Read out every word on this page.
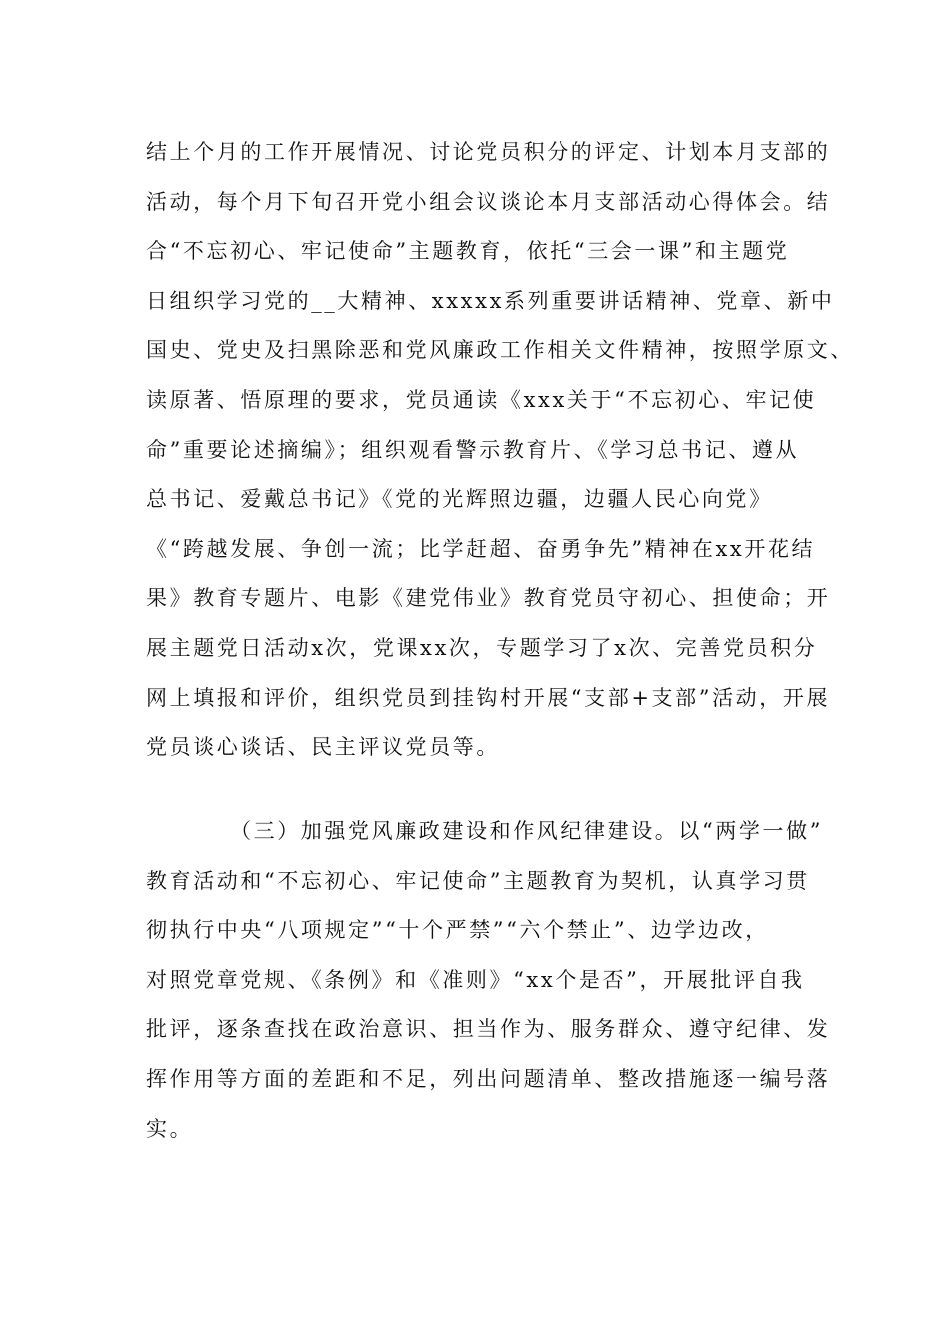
结上个月的工作开展情况、讨论党员积分的评定、计划本月支部的
活动，每个月下旬召开党小组会议谈论本月支部活动心得体会。结
合“不忘初心、牢记使命”主题教育，依托“三会一课”和主题党
日组织学习党的__大精神、xxxxx系列重要讲话精神、党章、新中
国史、党史及扫黑除恶和党风廉政工作相关文件精神，按照学原文、
读原著、悟原理的要求，党员通读《xxx关于“不忘初心、牢记使
命”重要论述摘编》；组织观看警示教育片、《学习总书记、遵从
总书记、爱戴总书记》《党的光辉照边疆，边疆人民心向党》
《“跨越发展、争创一流；比学赶超、奋勇争先”精神在xx开花结
果》教育专题片、电影《建党伟业》教育党员守初心、担使命；开
展主题党日活动x次，党课xx次，专题学习了x次、完善党员积分
网上填报和评价，组织党员到挂钩村开展“支部+支部”活动，开展
党员谈心谈话、民主评议党员等。
（三）加强党风廉政建设和作风纪律建设。以“两学一做”
教育活动和“不忘初心、牢记使命”主题教育为契机，认真学习贯
彻执行中央“八项规定”“十个严禁”“六个禁止”、边学边改，
对照党章党规、《条例》和《准则》“xx个是否”，开展批评自我
批评，逐条查找在政治意识、担当作为、服务群众、遵守纪律、发
挥作用等方面的差距和不足，列出问题清单、整改措施逐一编号落
实。
